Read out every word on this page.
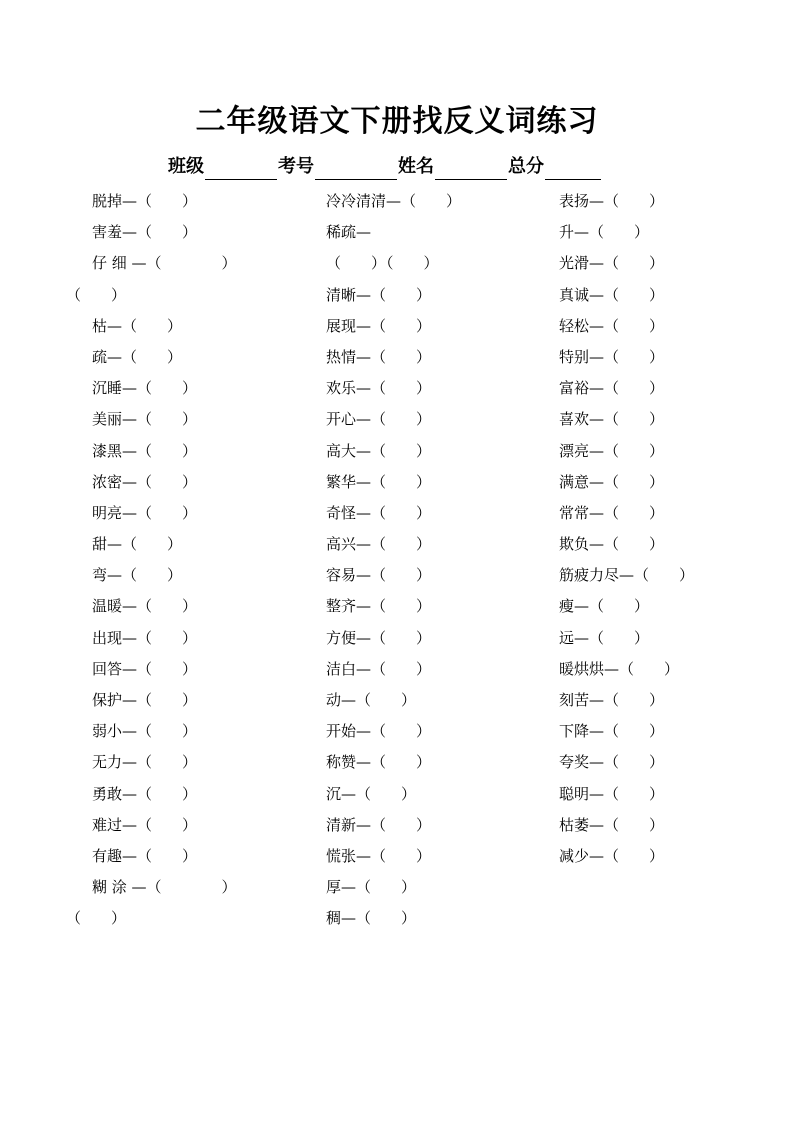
二年级语文下册找反义词练习
班级	考号	姓名	总分
脱掉—（　　）
害羞—（　　）
仔 细 —（　　　　）
（　　）
枯—（　　）
疏—（　　）
沉睡—（　　）
美丽—（　　）
漆黑—（　　）
浓密—（　　）
明亮—（　　）
甜—（　　）
弯—（　　）
温暖—（　　）
出现—（　　）
回答—（　　）
保护—（　　）
弱小—（　　）
无力—（　　）
勇敢—（　　）
难过—（　　）
有趣—（　　）
糊 涂 —（　　　　）
（　　）
冷冷清清—（　　）
稀疏—
（　　）（　　）
清晰—（　　）
展现—（　　）
热情—（　　）
欢乐—（　　）
开心—（　　）
高大—（　　）
繁华—（　　）
奇怪—（　　）
高兴—（　　）
容易—（　　）
整齐—（　　）
方便—（　　）
洁白—（　　）
动—（　　）
开始—（　　）
称赞—（　　）
沉—（　　）
清新—（　　）
慌张—（　　）
厚—（　　）
稠—（　　）
表扬—（　　）
升—（　　）
光滑—（　　）
真诚—（　　）
轻松—（　　）
特别—（　　）
富裕—（　　）
喜欢—（　　）
漂亮—（　　）
满意—（　　）
常常—（　　）
欺负—（　　）
筋疲力尽—（　　）
瘦—（　　）
远—（　　）
暖烘烘—（　　）
刻苦—（　　）
下降—（　　）
夸奖—（　　）
聪明—（　　）
枯萎—（　　）
减少—（　　）
